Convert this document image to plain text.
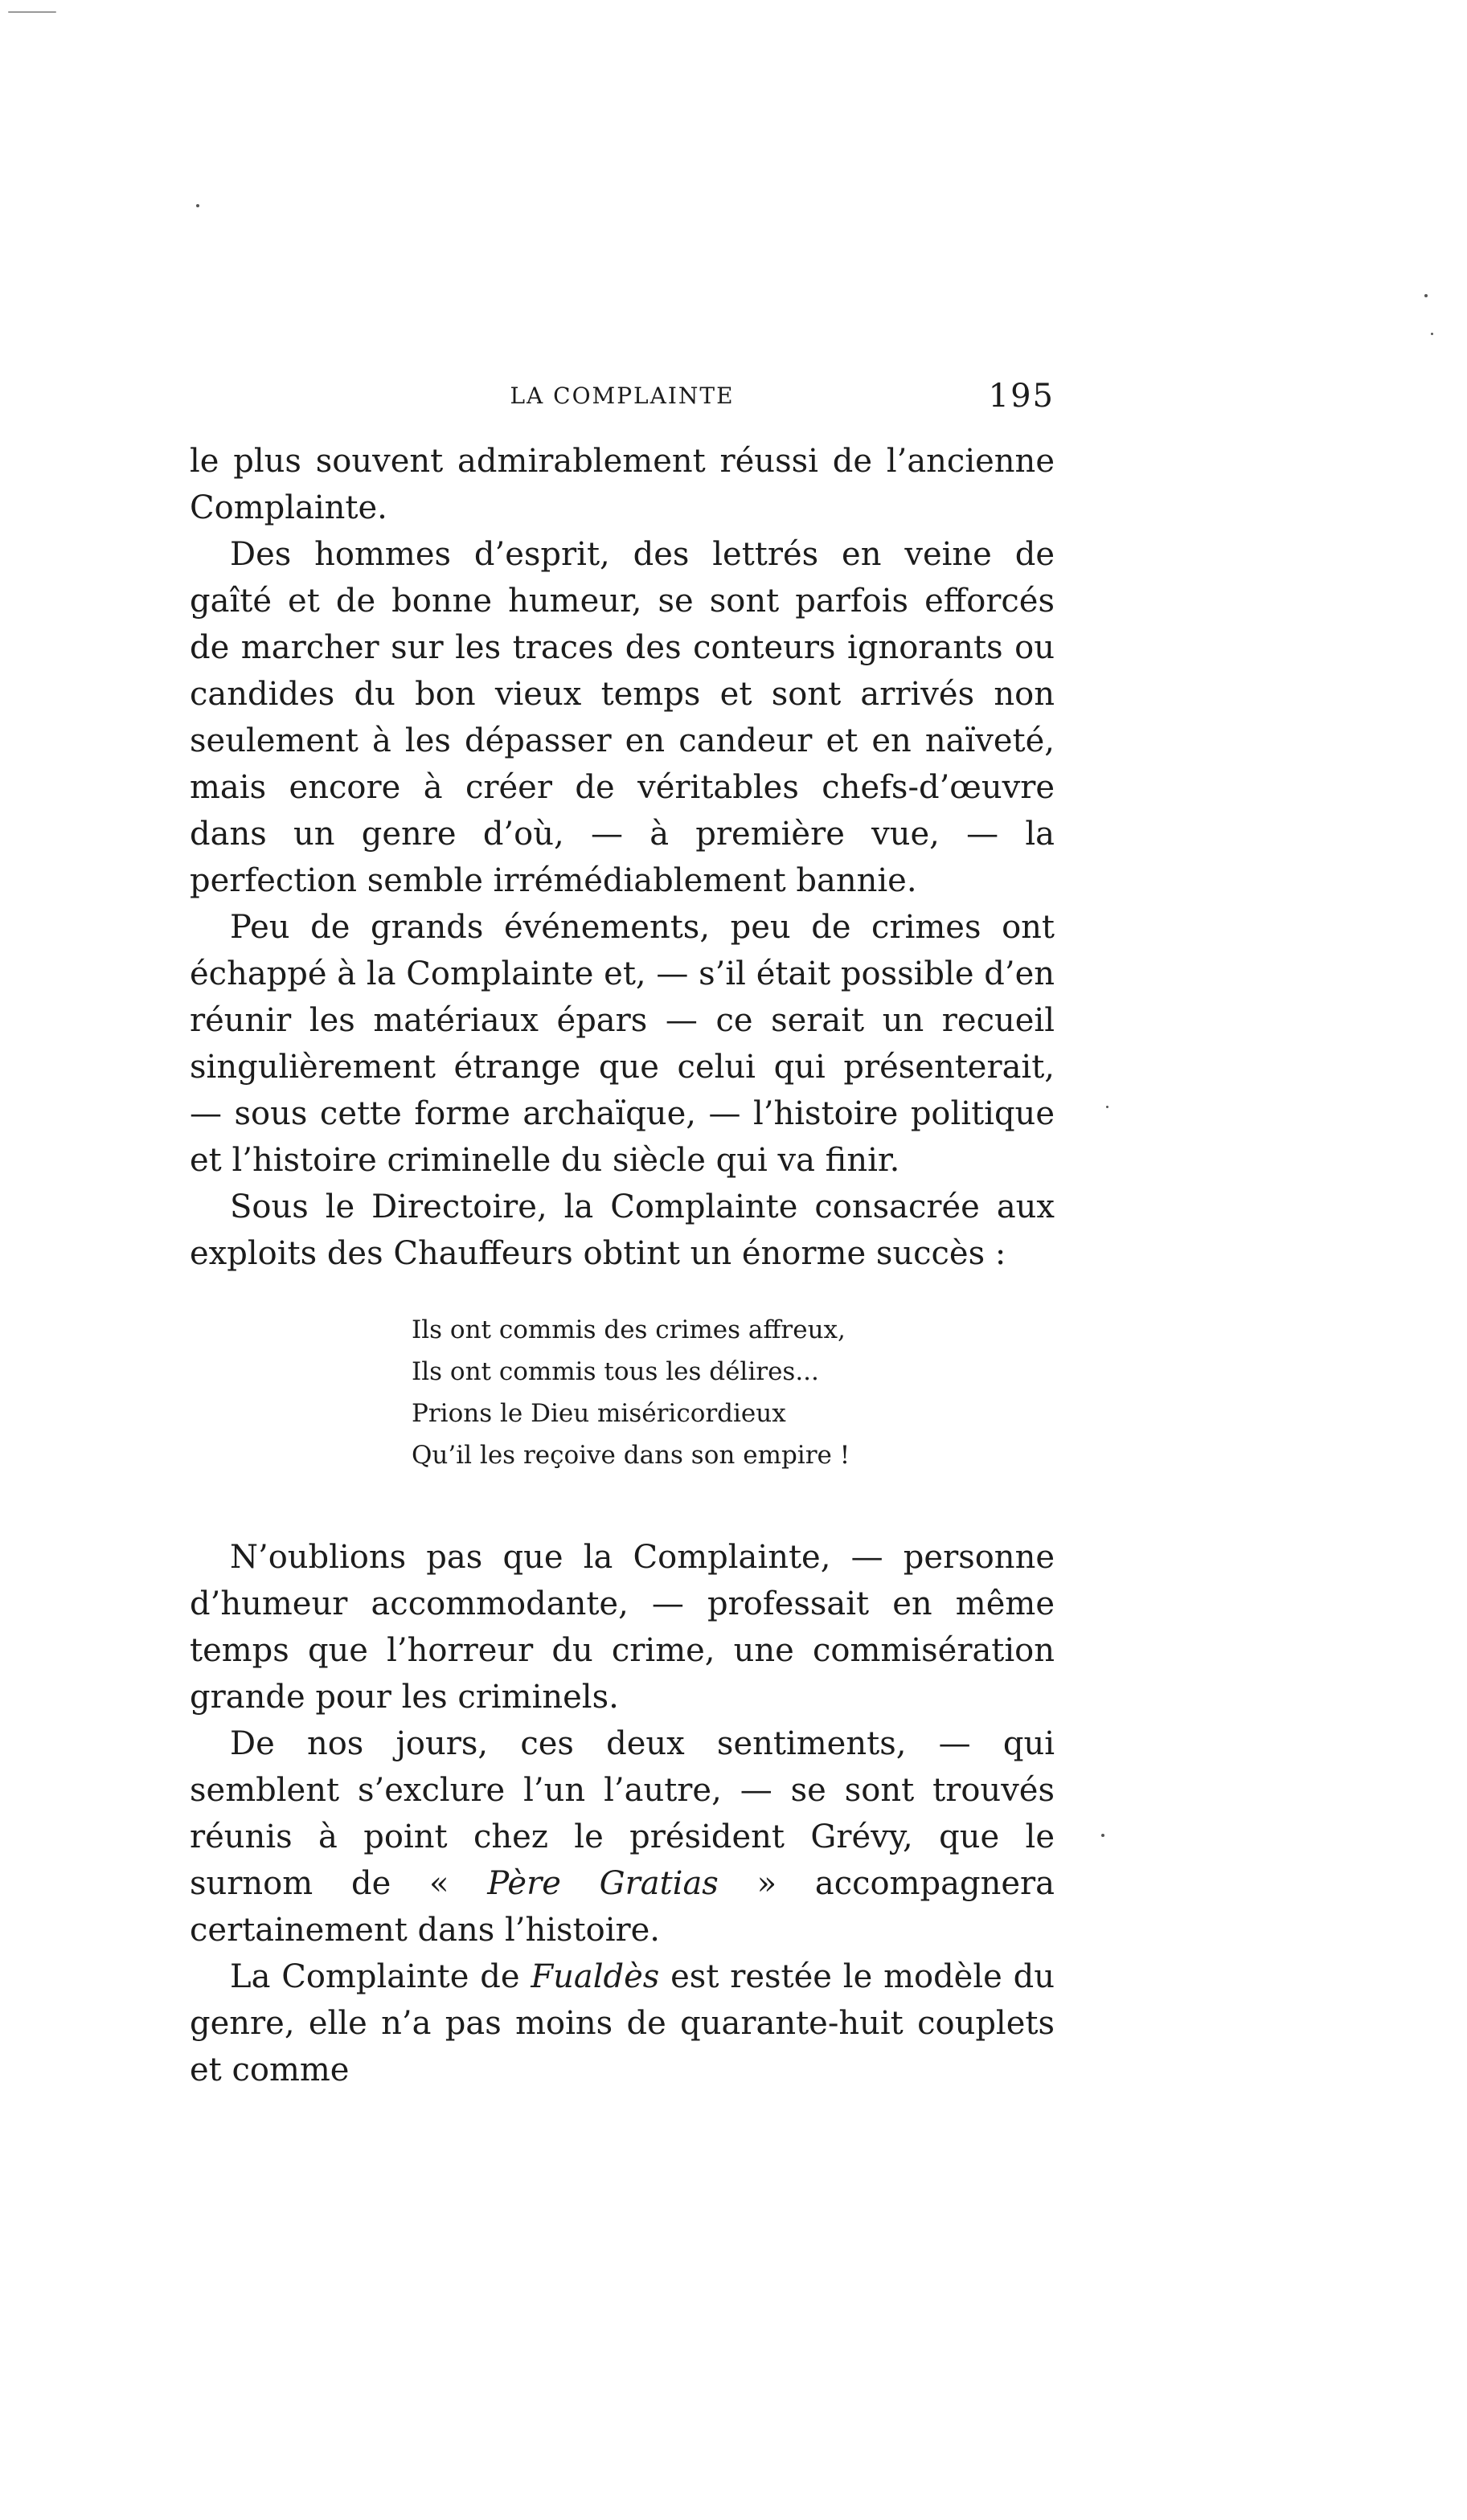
LA COMPLAINTE	195

le plus souvent admirablement réussi de l’ancienne Complainte.

Des hommes d’esprit, des lettrés en veine de gaîté et de bonne humeur, se sont parfois efforcés de marcher sur les traces des conteurs ignorants ou candides du bon vieux temps et sont arrivés non seulement à les dépasser en candeur et en naïveté, mais encore à créer de véritables chefs-d’œuvre dans un genre d’où, — à première vue, — la perfection semble irrémédiablement bannie.

Peu de grands événements, peu de crimes ont échappé à la Complainte et, — s’il était possible d’en réunir les matériaux épars — ce serait un recueil singulièrement étrange que celui qui présenterait, — sous cette forme archaïque, — l’histoire politique et l’histoire criminelle du siècle qui va finir.

Sous le Directoire, la Complainte consacrée aux exploits des Chauffeurs obtint un énorme succès :

Ils ont commis des crimes affreux,
Ils ont commis tous les délires...
Prions le Dieu miséricordieux
Qu’il les reçoive dans son empire !

N’oublions pas que la Complainte, — personne d’humeur accommodante, — professait en même temps que l’horreur du crime, une commisération grande pour les criminels.

De nos jours, ces deux sentiments, — qui semblent s’exclure l’un l’autre, — se sont trouvés réunis à point chez le président Grévy, que le surnom de « Père Gratias » accompagnera certainement dans l’histoire.

La Complainte de Fualdès est restée le modèle du genre, elle n’a pas moins de quarante-huit couplets et comme
